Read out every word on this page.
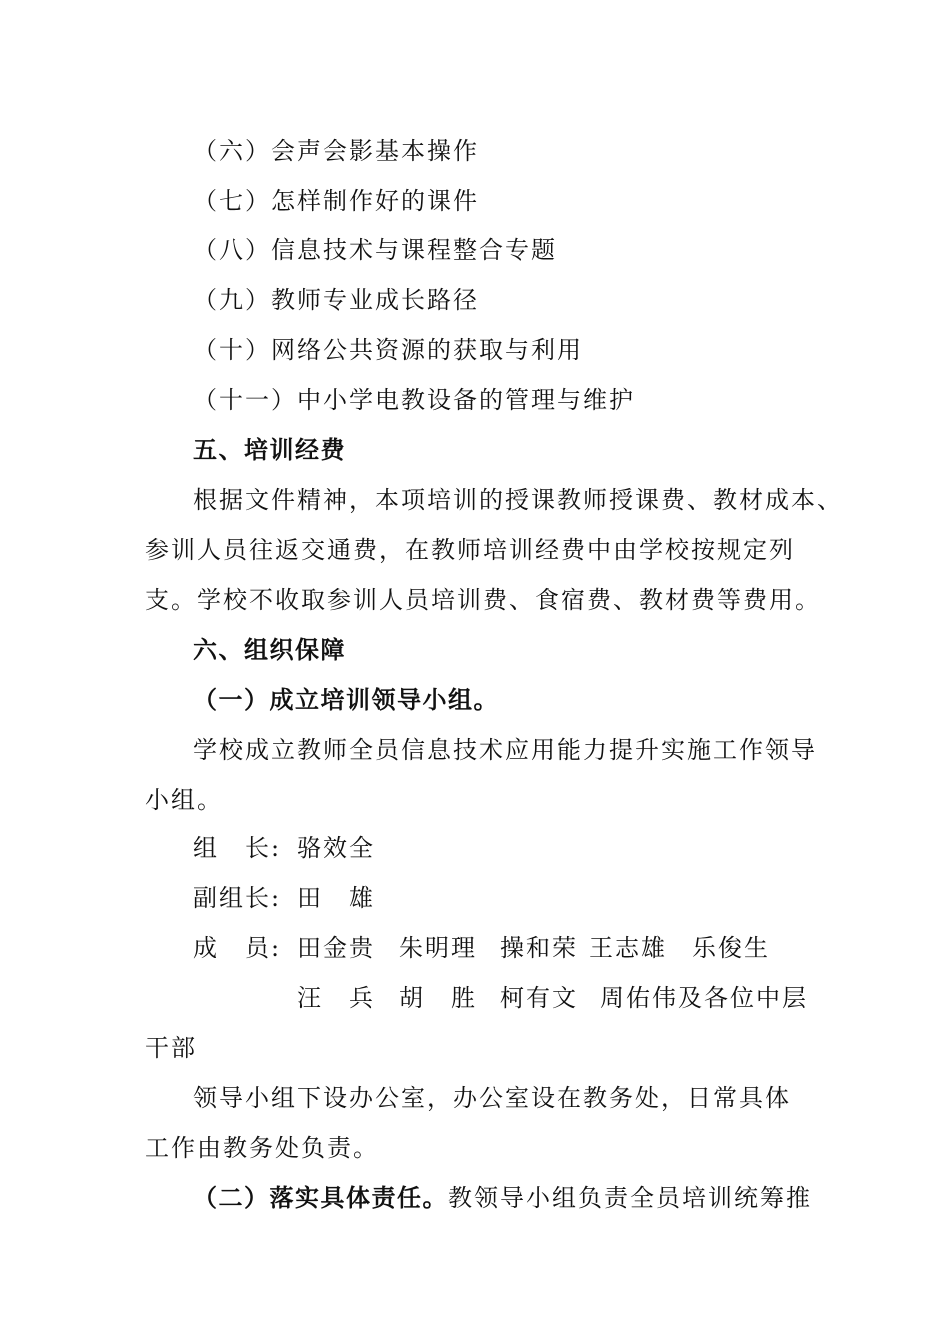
（六）会声会影基本操作
（七）怎样制作好的课件
（八）信息技术与课程整合专题
（九）教师专业成长路径
（十）网络公共资源的获取与利用
（十一）中小学电教设备的管理与维护
五、培训经费
根据文件精神，本项培训的授课教师授课费、教材成本、
参训人员往返交通费，在教师培训经费中由学校按规定列
支。学校不收取参训人员培训费、食宿费、教材费等费用。
六、组织保障
（一）成立培训领导小组。
学校成立教师全员信息技术应用能力提升实施工作领导
小组。
组　长: 骆效全
副组长: 田　雄
成　员: 田金贵 朱明理 操和荣 王志雄 乐俊生
汪　兵 胡　胜 柯有文 周佑伟及各位中层
干部
领导小组下设办公室，办公室设在教务处，日常具体
工作由教务处负责。
（二）落实具体责任。教领导小组负责全员培训统筹推
